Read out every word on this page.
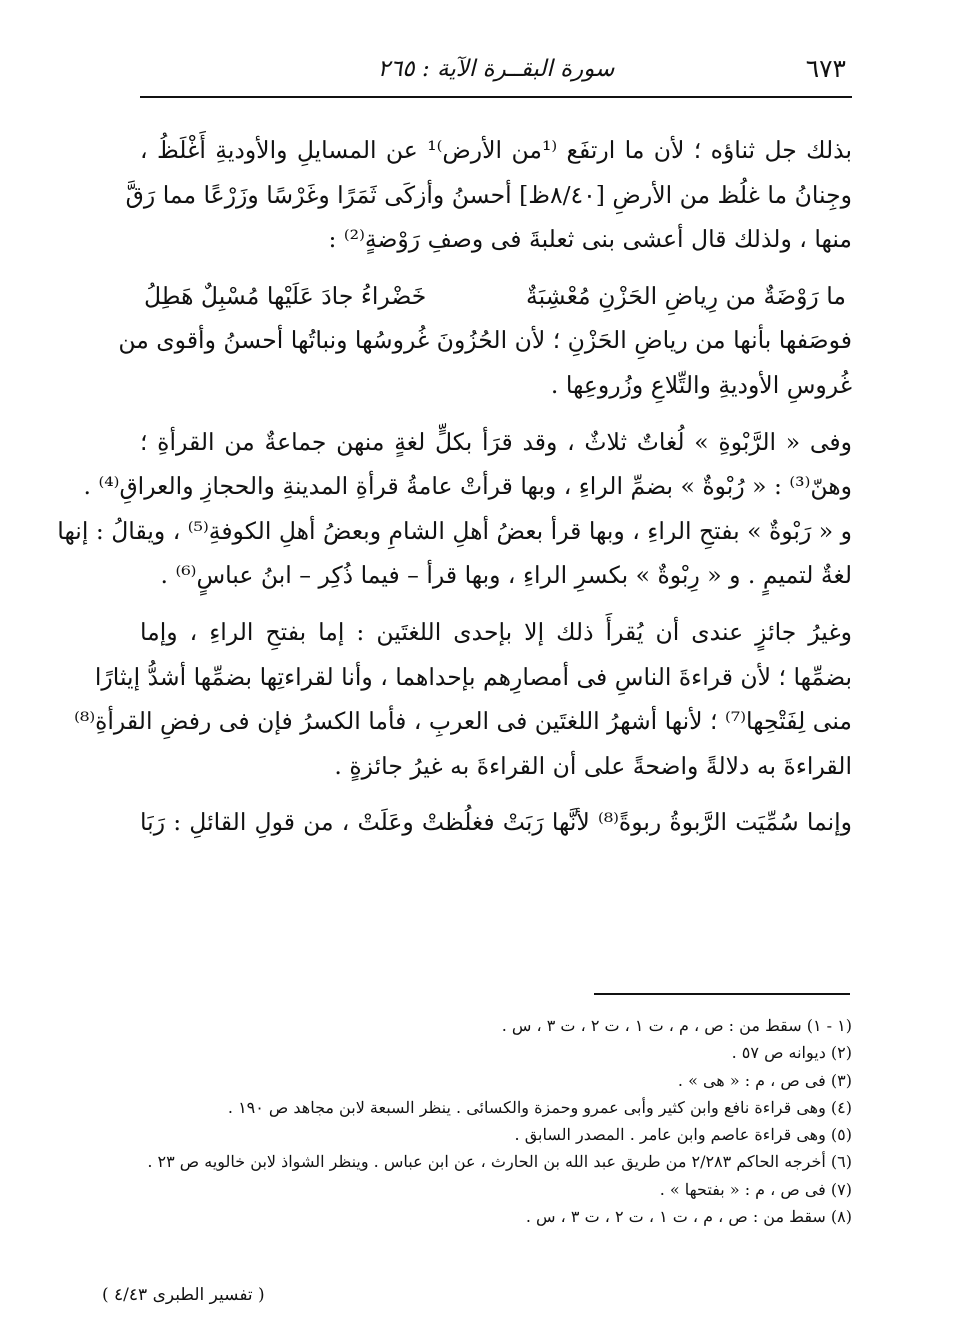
٦٧٣
سورة البقــرة الآية : ٢٦٥
بذلك جل ثناؤه ؛ لأن ما ارتفَع ⁽¹من الأرض⁾¹ عن المسايلِ والأوديةِ أَغْلَظُ ،
وجِنانُ ما غلُظ من الأرضِ [٨/٤٠ظ] أحسنُ وأزكَى ثَمَرًا وغَرْسًا وزَرْعًا مما رَقَّ
منها ، ولذلك قال أعشى بنى ثعلبةَ فى وصفِ رَوْضةٍ⁽²⁾ :
ما رَوْضَةٌ من رِياضِ الحَزْنِ مُعْشِبَةٌ
خَضْراءُ جادَ عَلَيْها مُسْبِلٌ هَطِلُ
فوصَفها بأنها من رياضِ الحَزْنِ ؛ لأن الحُزُونَ غُروسُها ونباتُها أحسنُ وأقوى من
غُروسِ الأوديةِ والتِّلاعِ وزُروعِها .
وفى « الرَّبْوةِ » لُغاتٌ ثلاثٌ ، وقد قرَأ بكلٍّ لغةٍ منهن جماعةٌ من القرأةِ ؛
وهنّ⁽³⁾ : « رُبْوةٌ » بضمِّ الراءِ ، وبها قرأتْ عامةُ قرأةِ المدينةِ والحجازِ والعراقِ⁽⁴⁾ .
و « رَبْوةٌ » بفتحِ الراءِ ، وبها قرأ بعضُ أهلِ الشامِ وبعضُ أهلِ الكوفةِ⁽⁵⁾ ، ويقالُ : إنها
لغةٌ لتميمٍ . و « رِبْوةٌ » بكسرِ الراءِ ، وبها قرأ – فيما ذُكِر – ابنُ عباسٍ⁽⁶⁾ .
وغيرُ جائزٍ عندى أن يُقرأَ ذلك إلا بإحدى اللغتَين : إما بفتحِ الراءِ ، وإما
بضمِّها ؛ لأن قراءةَ الناسِ فى أمصارِهم بإحداهما ، وأنا لقراءتِها بضمِّها أشدُّ إيثارًا
منى لِفَتْحِها⁽⁷⁾ ؛ لأنها أشهرُ اللغتَين فى العربِ ، فأما الكسرُ فإن فى رفضِ القرأةِ⁽⁸⁾
القراءةَ به دلالةً واضحةً على أن القراءةَ به غيرُ جائزةٍ .
وإنما سُمِّيَت الرَّبوةُ ربوةً⁽⁸⁾ لأنَّها رَبَتْ فغلُظتْ وعَلَتْ ، من قولِ القائلِ : رَبَا
(١ - ١) سقط من : ص ، م ، ت ١ ، ت ٢ ، ت ٣ ، س .
(٢) ديوانه ص ٥٧ .
(٣) فى ص ، م : « هى » .
(٤) وهى قراءة نافع وابن كثير وأبى عمرو وحمزة والكسائى . ينظر السبعة لابن مجاهد ص ١٩٠ .
(٥) وهى قراءة عاصم وابن عامر . المصدر السابق .
(٦) أخرجه الحاكم ٢/٢٨٣ من طريق عبد الله بن الحارث ، عن ابن عباس . وينظر الشواذ لابن خالويه ص ٢٣ .
(٧) فى ص ، م : « بفتحها » .
(٨) سقط من : ص ، م ، ت ١ ، ت ٢ ، ت ٣ ، س .
( تفسير الطبرى ٤/٤٣ )
